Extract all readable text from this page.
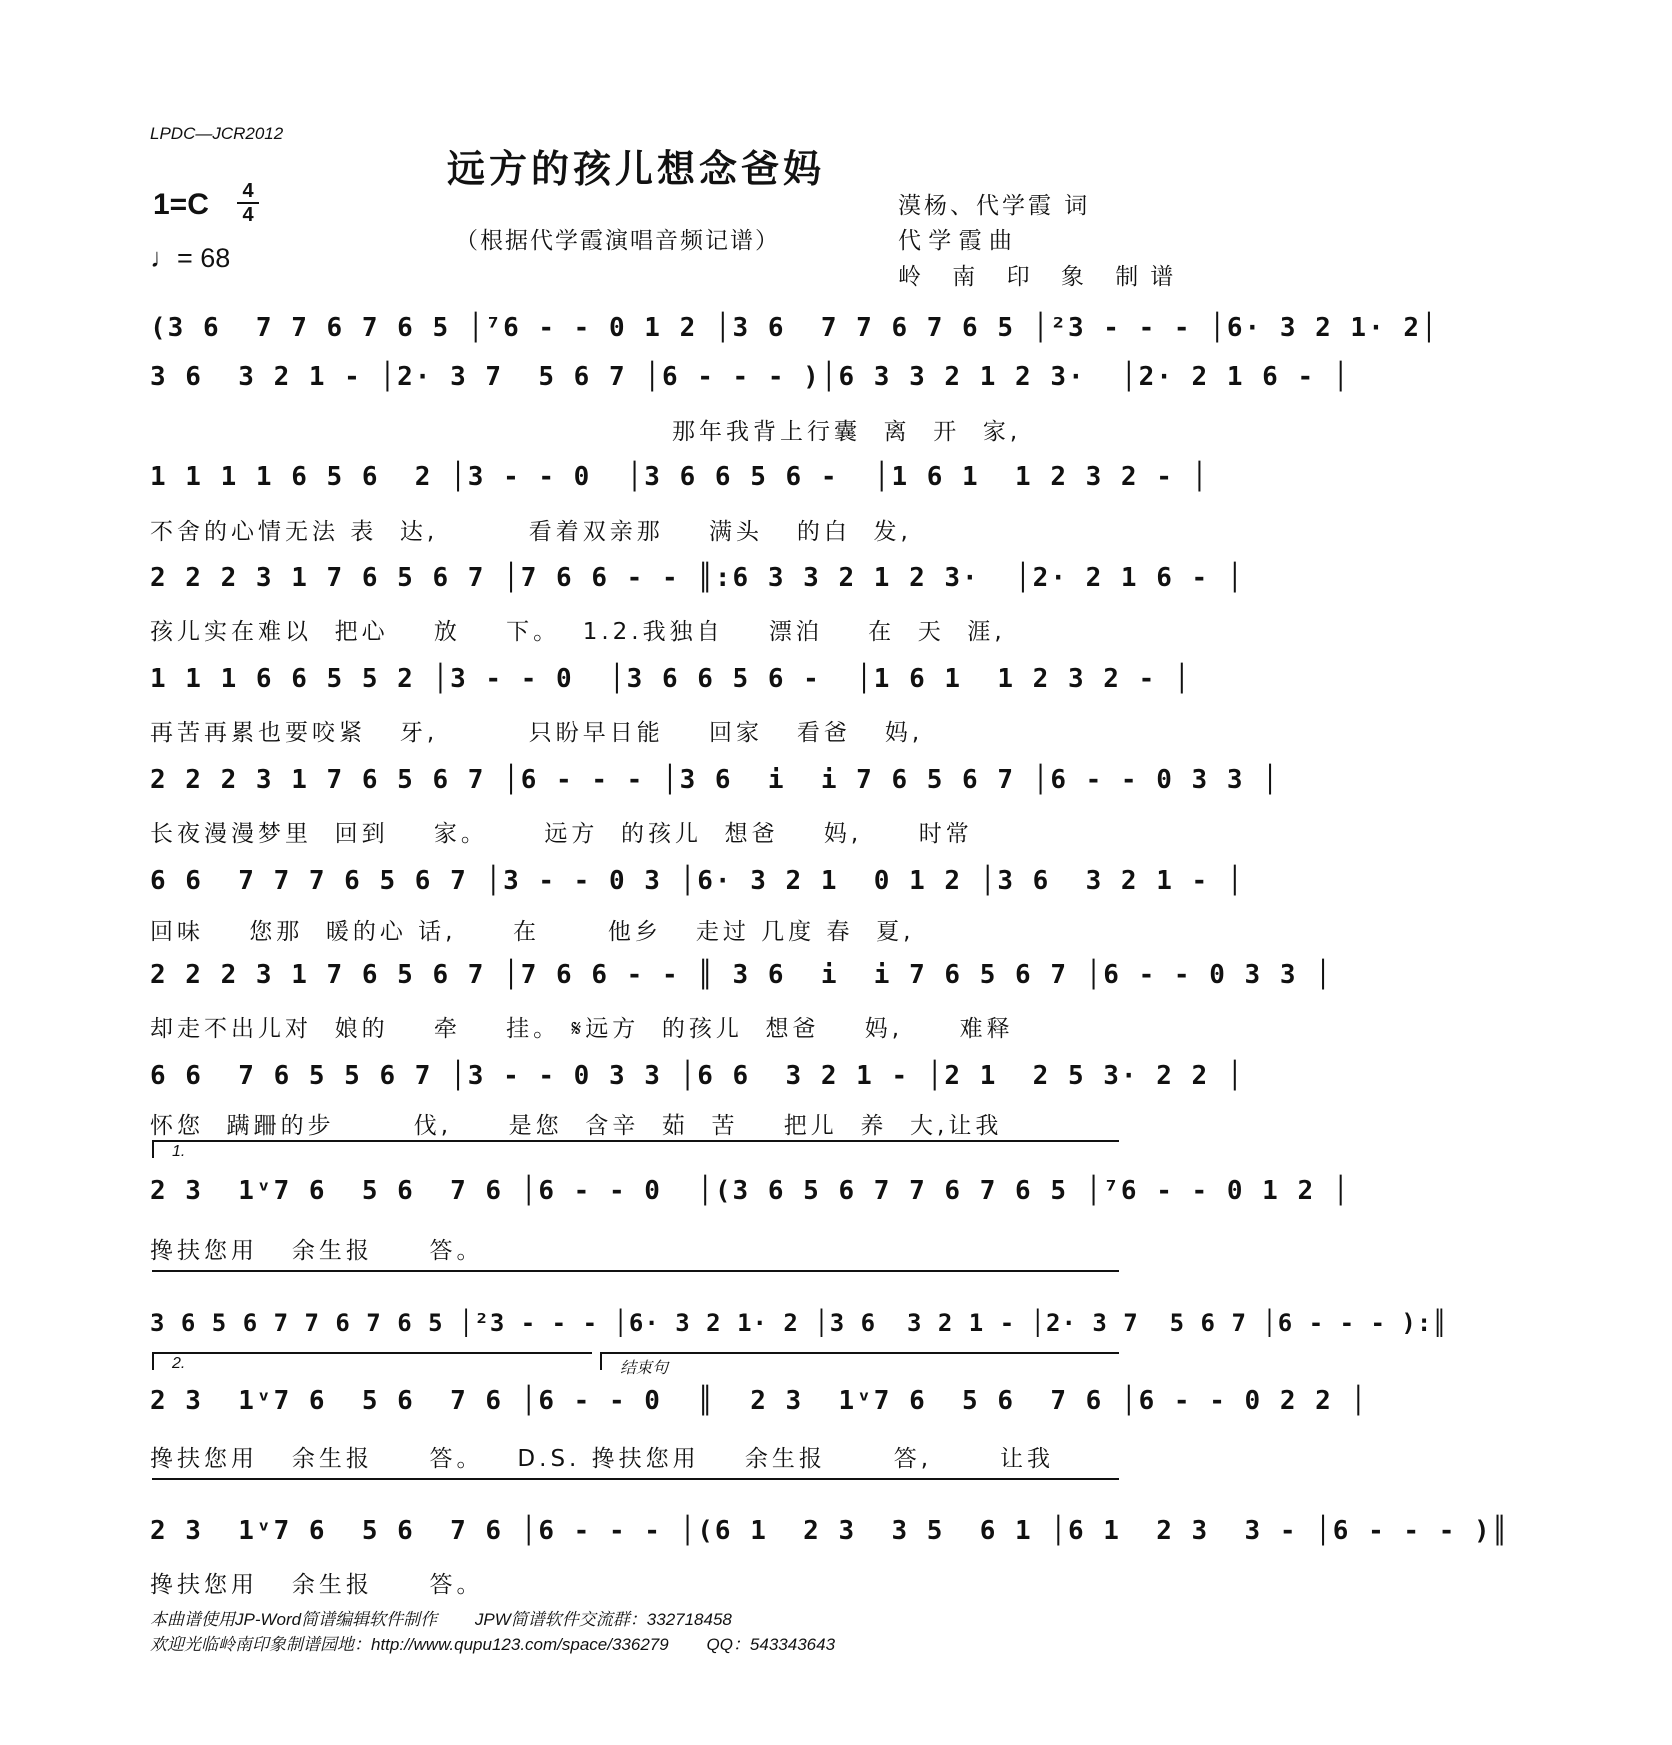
LPDC—JCR2012
远方的孩儿想念爸妈
1=C 4
4
♩= 68
（根据代学霞演唱音频记谱）
漠杨、代学霞 词
代 学 霞 曲
岭 南 印 象 制谱
(3 6  7 7 6 7 6 5 │⁷6 - - 0 1 2 │3 6  7 7 6 7 6 5 │²3 - - - │6· 3 2 1· 2│
3 6  3 2 1 - │2· 3 7  5 6 7 │6 - - - )│6 3 3 2 1 2 3·  │2· 2 1 6 - │
那年我背上行囊  离  开  家,
1 1 1 1 6 5 6  2 │3 - - 0  │3 6 6 5 6 -  │1 6 1  1 2 3 2 - │
不舍的心情无法 表  达,        看着双亲那    满头   的白  发,
2 2 2 3 1 7 6 5 6 7 │7 6 6 - - ║:6 3 3 2 1 2 3·  │2· 2 1 6 - │
孩儿实在难以  把心    放    下。  1.2.我独自    漂泊    在  天  涯,
1 1 1 6 6 5 5 2 │3 - - 0  │3 6 6 5 6 -  │1 6 1  1 2 3 2 - │
再苦再累也要咬紧   牙,        只盼早日能    回家   看爸   妈,
2 2 2 3 1 7 6 5 6 7 │6 - - - │3 6  i  i 7 6 5 6 7 │6 - - 0 3 3 │
长夜漫漫梦里  回到    家。     远方  的孩儿  想爸    妈,     时常
6 6  7 7 7 6 5 6 7 │3 - - 0 3 │6· 3 2 1  0 1 2 │3 6  3 2 1 - │
回味    您那  暖的心 话,     在      他乡   走过 几度 春  夏,
2 2 2 3 1 7 6 5 6 7 │7 6 6 - - ║ 3 6  i  i 7 6 5 6 7 │6 - - 0 3 3 │
却走不出儿对  娘的    牵    挂。 𝄋远方  的孩儿  想爸    妈,     难释
6 6  7 6 5 5 6 7 │3 - - 0 3 3 │6 6  3 2 1 - │2 1  2 5 3· 2 2 │
怀您  蹒跚的步       伐,     是您  含辛  茹  苦    把儿  养  大,让我
1.
2 3  1ᵛ7 6  5 6  7 6 │6 - - 0  │(3 6 5 6 7 7 6 7 6 5 │⁷6 - - 0 1 2 │
搀扶您用   余生报     答。
3 6 5 6 7 7 6 7 6 5 │²3 - - - │6· 3 2 1· 2 │3 6  3 2 1 - │2· 3 7  5 6 7 │6 - - - ):║
2.	结束句
2 3  1ᵛ7 6  5 6  7 6 │6 - - 0  ║  2 3  1ᵛ7 6  5 6  7 6 │6 - - 0 2 2 │
搀扶您用   余生报     答。   D.S. 搀扶您用    余生报      答,      让我
2 3  1ᵛ7 6  5 6  7 6 │6 - - - │(6 1  2 3  3 5  6 1 │6 1  2 3  3 - │6 - - - )║
搀扶您用   余生报     答。
本曲谱使用JP-Word简谱编辑软件制作        JPW简谱软件交流群：332718458
欢迎光临岭南印象制谱园地：http://www.qupu123.com/space/336279        QQ：543343643
